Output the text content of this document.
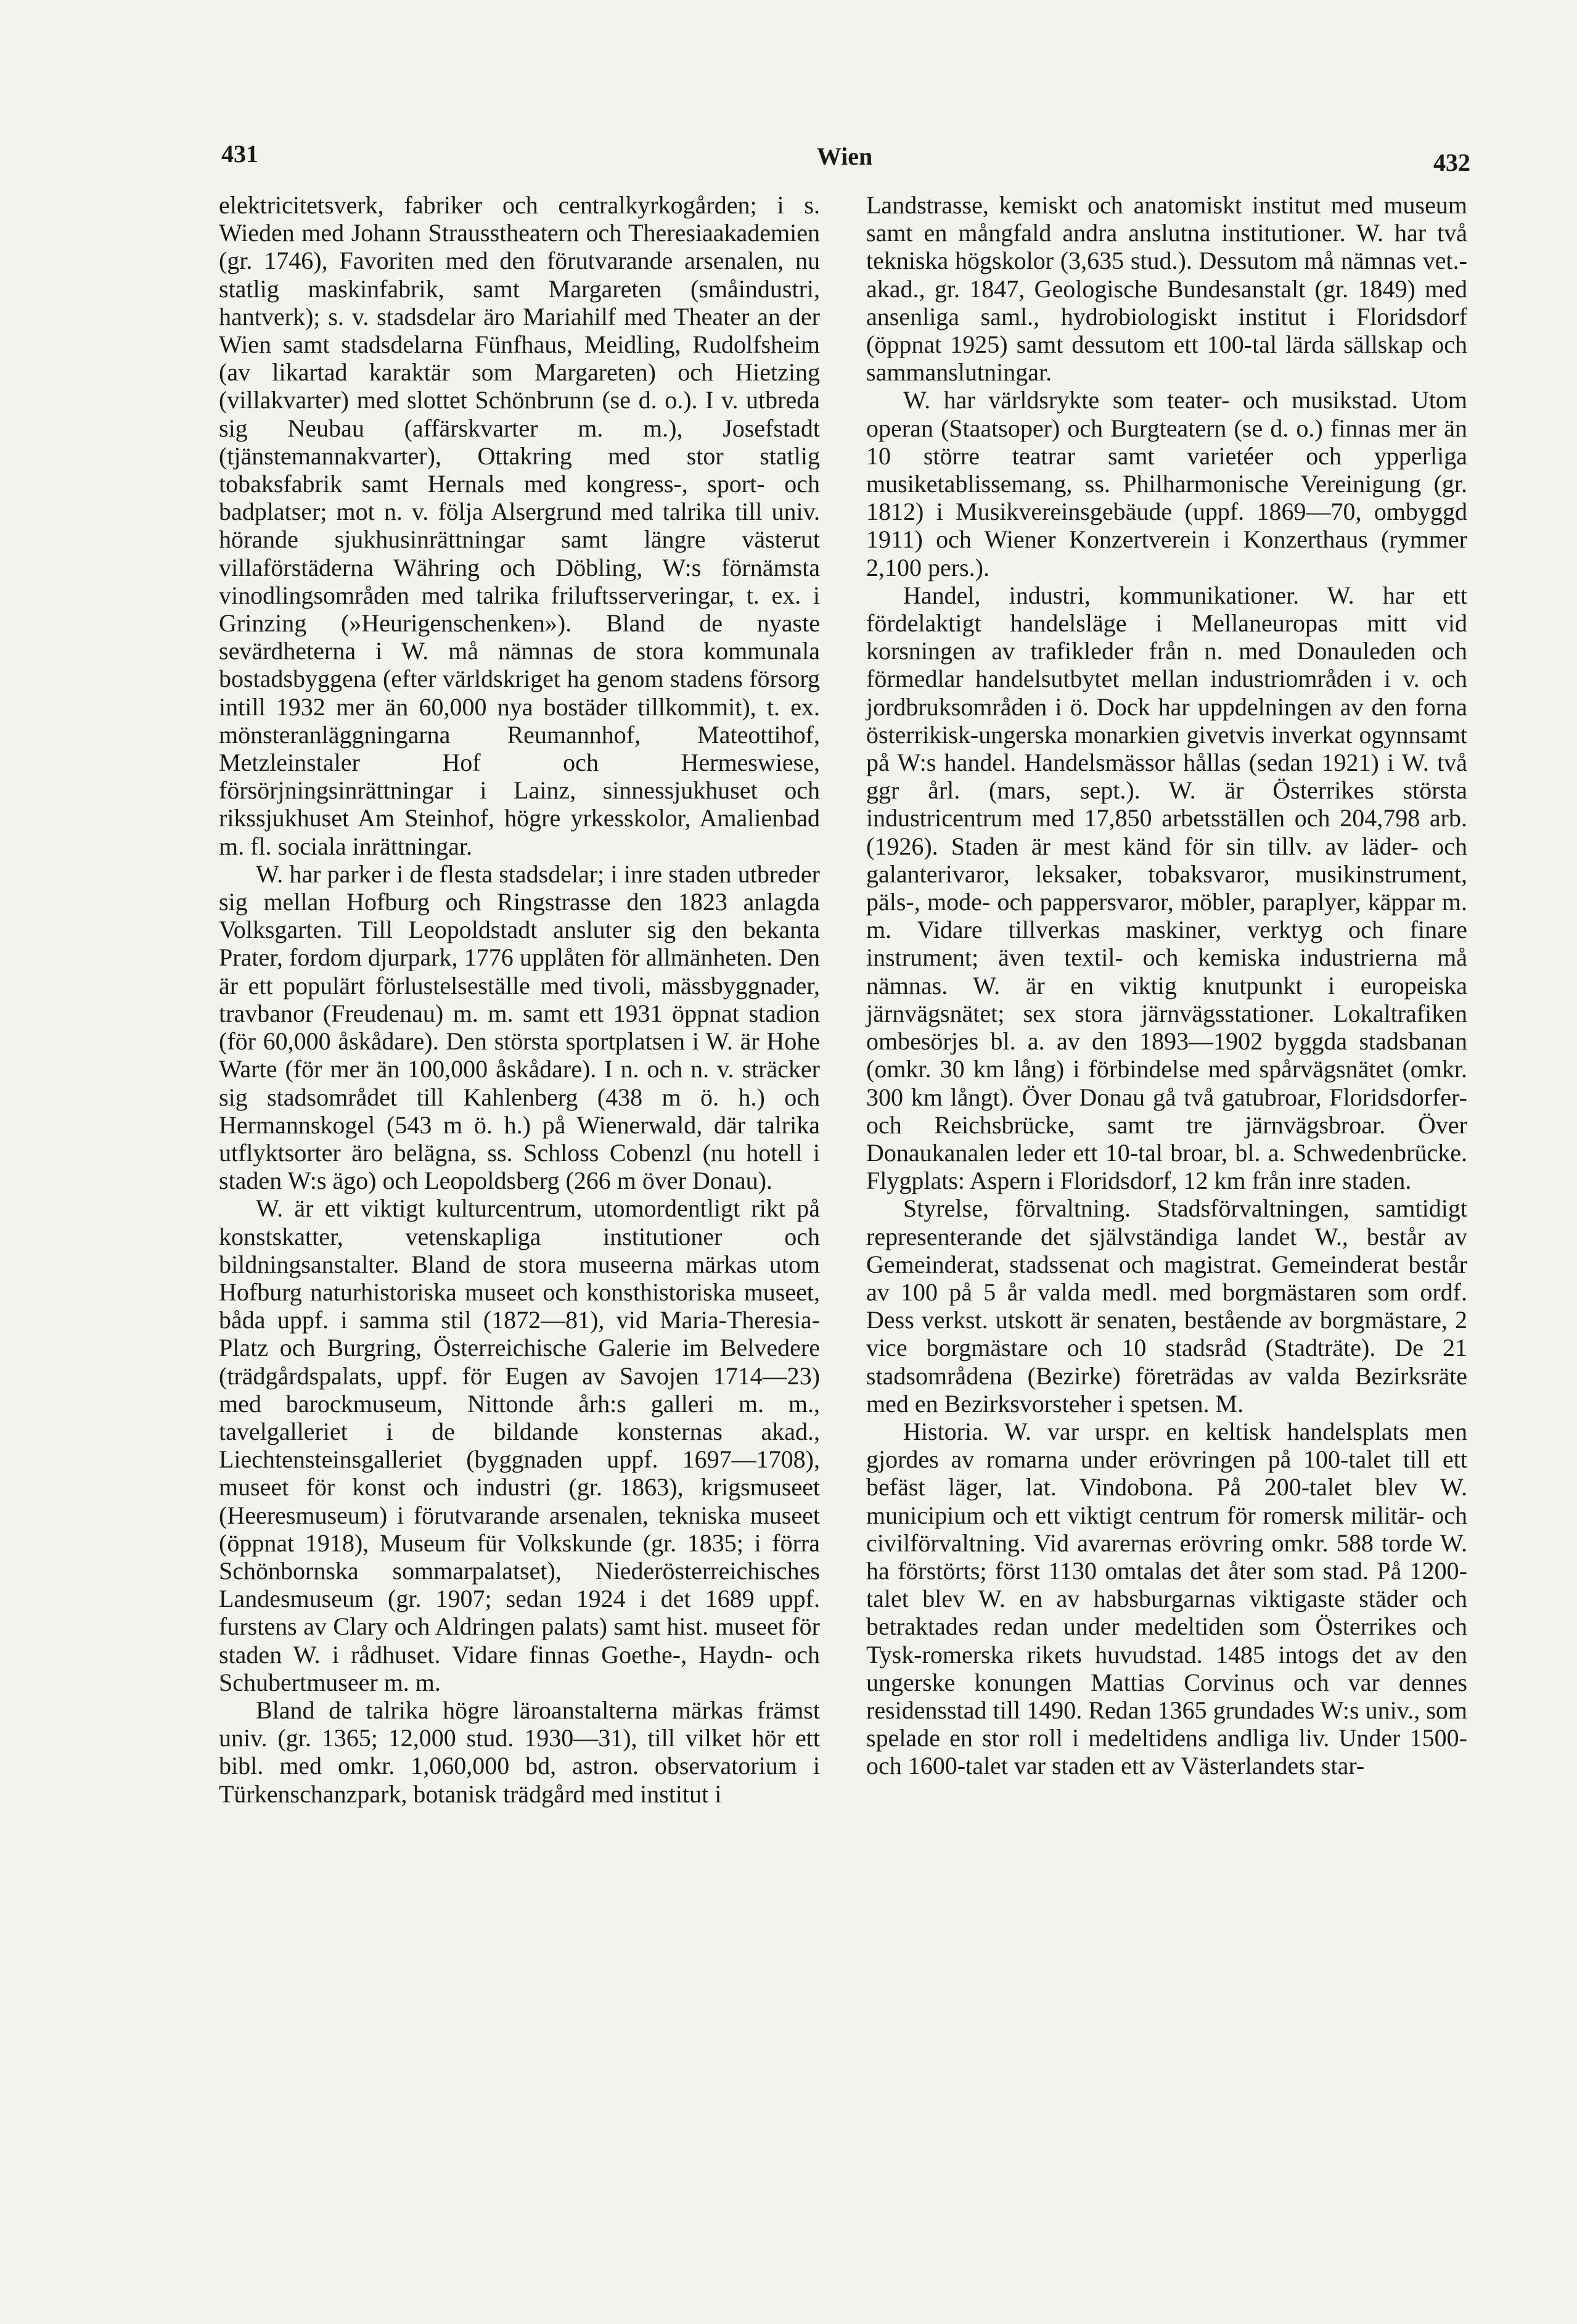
431	Wien	432

elektricitetsverk, fabriker och centralkyrkogården; i s. Wieden med Johann Strausstheatern och Theresiaakademien (gr. 1746), Favoriten med den förutvarande arsenalen, nu statlig maskinfabrik, samt Margareten (småindustri, hantverk); s. v. stadsdelar äro Mariahilf med Theater an der Wien samt stadsdelarna Fünfhaus, Meidling, Rudolfsheim (av likartad karaktär som Margareten) och Hietzing (villakvarter) med slottet Schönbrunn (se d. o.). I v. utbreda sig Neubau (affärskvarter m. m.), Josefstadt (tjänstemannakvarter), Ottakring med stor statlig tobaksfabrik samt Hernals med kongress-, sport- och badplatser; mot n. v. följa Alsergrund med talrika till univ. hörande sjukhusinrättningar samt längre västerut villaförstäderna Währing och Döbling, W:s förnämsta vinodlingsområden med talrika friluftsserveringar, t. ex. i Grinzing (»Heurigenschenken»). Bland de nyaste sevärdheterna i W. må nämnas de stora kommunala bostadsbyggena (efter världskriget ha genom stadens försorg intill 1932 mer än 60,000 nya bostäder tillkommit), t. ex. mönsteranläggningarna Reumannhof, Mateottihof, Metzleinstaler Hof och Hermeswiese, försörjningsinrättningar i Lainz, sinnessjukhuset och rikssjukhuset Am Steinhof, högre yrkesskolor, Amalienbad m. fl. sociala inrättningar.

W. har parker i de flesta stadsdelar; i inre staden utbreder sig mellan Hofburg och Ringstrasse den 1823 anlagda Volksgarten. Till Leopoldstadt ansluter sig den bekanta Prater, fordom djurpark, 1776 upplåten för allmänheten. Den är ett populärt förlustelseställe med tivoli, mässbyggnader, travbanor (Freudenau) m. m. samt ett 1931 öppnat stadion (för 60,000 åskådare). Den största sportplatsen i W. är Hohe Warte (för mer än 100,000 åskådare). I n. och n. v. sträcker sig stadsområdet till Kahlenberg (438 m ö. h.) och Hermannskogel (543 m ö. h.) på Wienerwald, där talrika utflyktsorter äro belägna, ss. Schloss Cobenzl (nu hotell i staden W:s ägo) och Leopoldsberg (266 m över Donau).

W. är ett viktigt kulturcentrum, utomordentligt rikt på konstskatter, vetenskapliga institutioner och bildningsanstalter. Bland de stora museerna märkas utom Hofburg naturhistoriska museet och konsthistoriska museet, båda uppf. i samma stil (1872—81), vid Maria-Theresia-Platz och Burgring, Österreichische Galerie im Belvedere (trädgårdspalats, uppf. för Eugen av Savojen 1714—23) med barockmuseum, Nittonde årh:s galleri m. m., tavelgalleriet i de bildande konsternas akad., Liechtensteinsgalleriet (byggnaden uppf. 1697—1708), museet för konst och industri (gr. 1863), krigsmuseet (Heeresmuseum) i förutvarande arsenalen, tekniska museet (öppnat 1918), Museum für Volkskunde (gr. 1835; i förra Schönbornska sommarpalatset), Niederösterreichisches Landesmuseum (gr. 1907; sedan 1924 i det 1689 uppf. furstens av Clary och Aldringen palats) samt hist. museet för staden W. i rådhuset. Vidare finnas Goethe-, Haydn- och Schubertmuseer m. m.

Bland de talrika högre läroanstalterna märkas främst univ. (gr. 1365; 12,000 stud. 1930—31), till vilket hör ett bibl. med omkr. 1,060,000 bd, astron. observatorium i Türkenschanzpark, botanisk trädgård med institut i

Landstrasse, kemiskt och anatomiskt institut med museum samt en mångfald andra anslutna institutioner. W. har två tekniska högskolor (3,635 stud.). Dessutom må nämnas vet.-akad., gr. 1847, Geologische Bundesanstalt (gr. 1849) med ansenliga saml., hydrobiologiskt institut i Floridsdorf (öppnat 1925) samt dessutom ett 100-tal lärda sällskap och sammanslutningar.

W. har världsrykte som teater- och musikstad. Utom operan (Staatsoper) och Burgteatern (se d. o.) finnas mer än 10 större teatrar samt varietéer och ypperliga musiketablissemang, ss. Philharmonische Vereinigung (gr. 1812) i Musikvereinsgebäude (uppf. 1869—70, ombyggd 1911) och Wiener Konzertverein i Konzerthaus (rymmer 2,100 pers.).

Handel, industri, kommunikationer. W. har ett fördelaktigt handelsläge i Mellaneuropas mitt vid korsningen av trafikleder från n. med Donauleden och förmedlar handelsutbytet mellan industriområden i v. och jordbruksområden i ö. Dock har uppdelningen av den forna österrikisk-ungerska monarkien givetvis inverkat ogynnsamt på W:s handel. Handelsmässor hållas (sedan 1921) i W. två ggr årl. (mars, sept.). W. är Österrikes största industricentrum med 17,850 arbetsställen och 204,798 arb. (1926). Staden är mest känd för sin tillv. av läder- och galanterivaror, leksaker, tobaksvaror, musikinstrument, päls-, mode- och pappersvaror, möbler, paraplyer, käppar m. m. Vidare tillverkas maskiner, verktyg och finare instrument; även textil- och kemiska industrierna må nämnas. W. är en viktig knutpunkt i europeiska järnvägsnätet; sex stora järnvägsstationer. Lokaltrafiken ombesörjes bl. a. av den 1893—1902 byggda stadsbanan (omkr. 30 km lång) i förbindelse med spårvägsnätet (omkr. 300 km långt). Över Donau gå två gatubroar, Floridsdorfer- och Reichsbrücke, samt tre järnvägsbroar. Över Donaukanalen leder ett 10-tal broar, bl. a. Schwedenbrücke. Flygplats: Aspern i Floridsdorf, 12 km från inre staden.

Styrelse, förvaltning. Stadsförvaltningen, samtidigt representerande det självständiga landet W., består av Gemeinderat, stadssenat och magistrat. Gemeinderat består av 100 på 5 år valda medl. med borgmästaren som ordf. Dess verkst. utskott är senaten, bestående av borgmästare, 2 vice borgmästare och 10 stadsråd (Stadträte). De 21 stadsområdena (Bezirke) företrädas av valda Bezirksräte med en Bezirksvorsteher i spetsen. M.

Historia. W. var urspr. en keltisk handelsplats men gjordes av romarna under erövringen på 100-talet till ett befäst läger, lat. Vindobona. På 200-talet blev W. municipium och ett viktigt centrum för romersk militär- och civilförvaltning. Vid avarernas erövring omkr. 588 torde W. ha förstörts; först 1130 omtalas det åter som stad. På 1200-talet blev W. en av habsburgarnas viktigaste städer och betraktades redan under medeltiden som Österrikes och Tysk-romerska rikets huvudstad. 1485 intogs det av den ungerske konungen Mattias Corvinus och var dennes residensstad till 1490. Redan 1365 grundades W:s univ., som spelade en stor roll i medeltidens andliga liv. Under 1500- och 1600-talet var staden ett av Västerlandets star-
